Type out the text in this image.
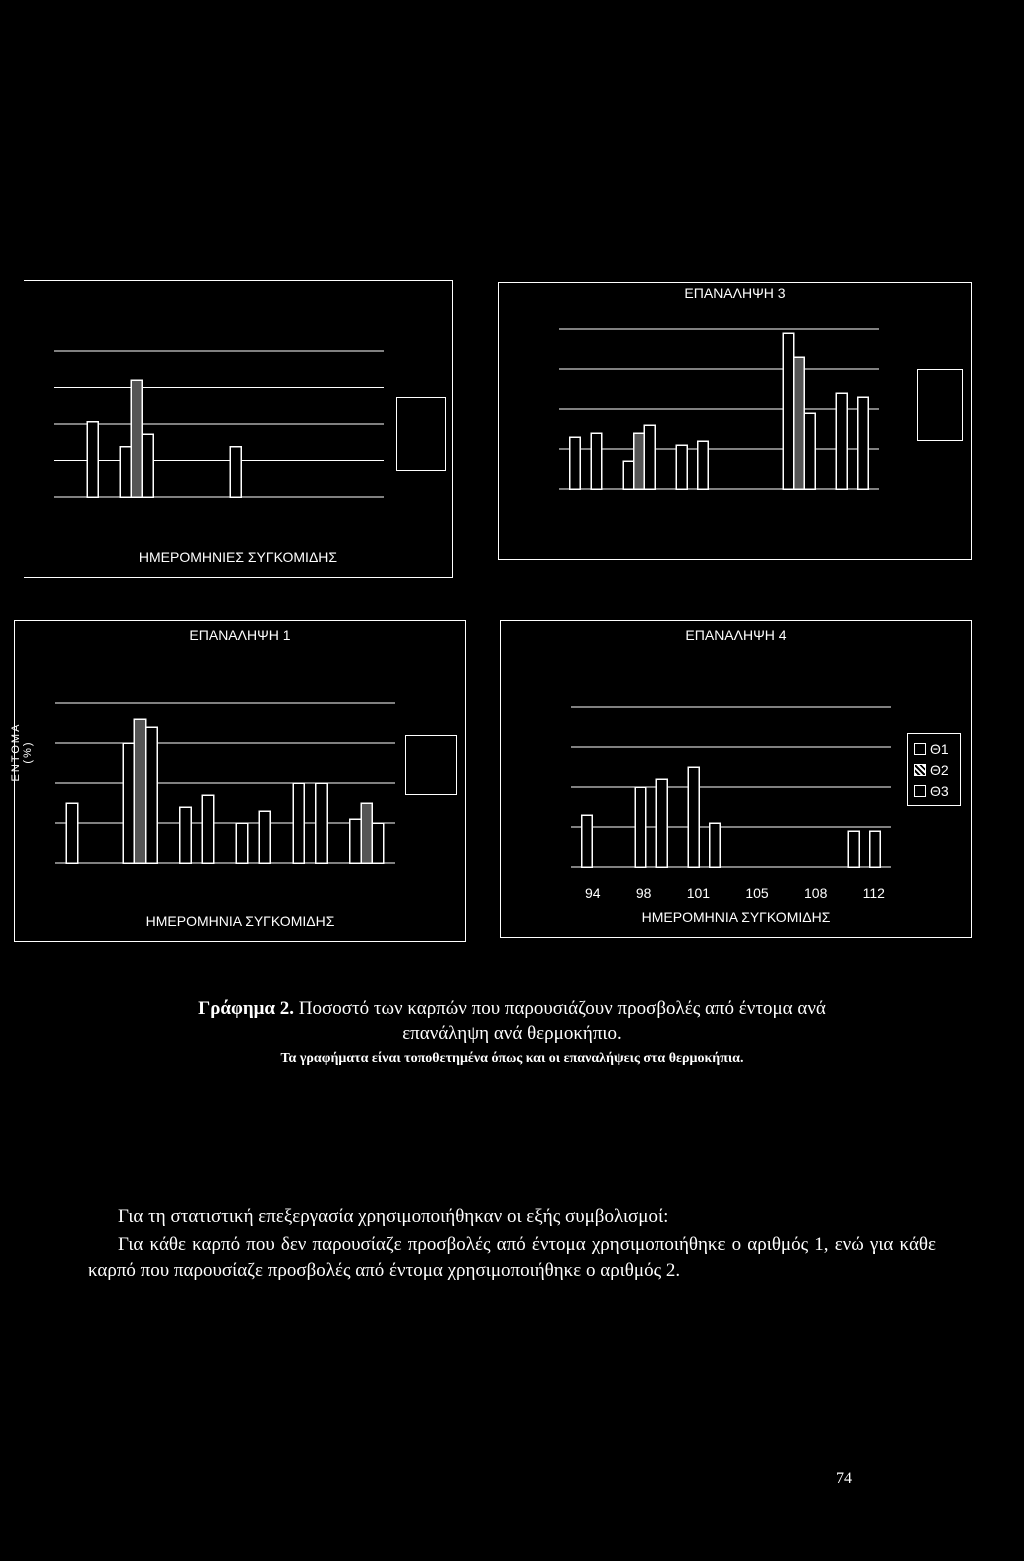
ΗΜΕΡΟΜΗΝΙΕΣ ΣΥΓΚΟΜΙΔΗΣ
ΕΠΑΝΑΛΗΨΗ 3
ΕΠΑΝΑΛΗΨΗ 1
ΗΜΕΡΟΜΗΝΙΑ ΣΥΓΚΟΜΙΔΗΣ
ΕΠΑΝΑΛΗΨΗ 4
94	98	101	105	108	112
ΗΜΕΡΟΜΗΝΙΑ ΣΥΓΚΟΜΙΔΗΣ
Θ1
Θ2
Θ3
ΕΝΤΟΜΑ (%)
Γράφημα 2. Ποσοστό των καρπών που παρουσιάζουν προσβολές από έντομα ανά
επανάληψη ανά θερμοκήπιο.
Τα γραφήματα είναι τοποθετημένα όπως και οι επαναλήψεις στα θερμοκήπια.
Για τη στατιστική επεξεργασία χρησιμοποιήθηκαν οι εξής συμβολισμοί:
Για κάθε καρπό που δεν παρουσίαζε προσβολές από έντομα χρησιμοποιήθηκε ο αριθμός 1, ενώ για κάθε καρπό που παρουσίαζε προσβολές από έντομα χρησιμοποιήθηκε ο αριθμός 2.
74
